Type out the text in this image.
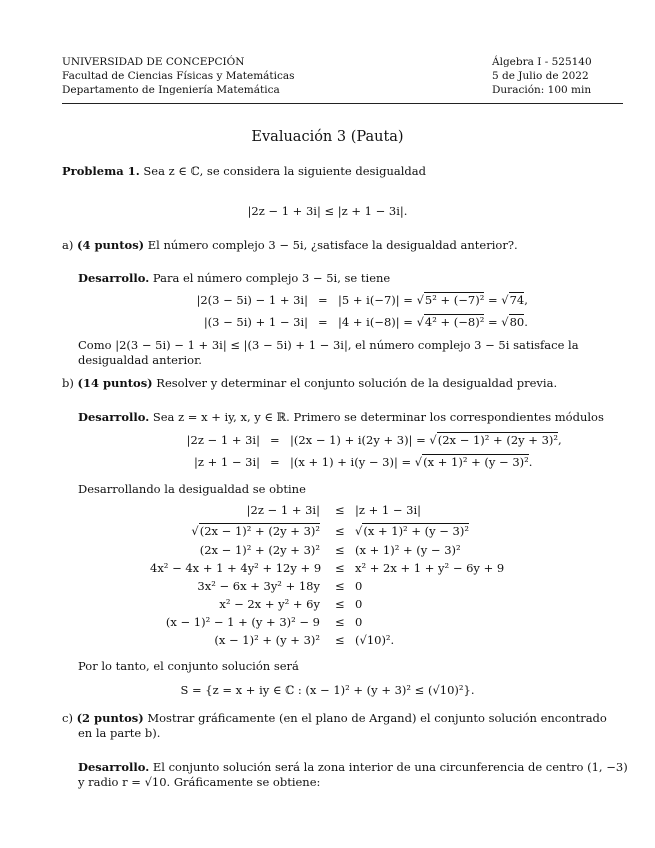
UNIVERSIDAD DE CONCEPCIÓN
Facultad de Ciencias Físicas y Matemáticas
Departamento de Ingeniería Matemática
Álgebra I - 525140
5 de Julio de 2022
Duración: 100 min
Evaluación 3 (Pauta)
Problema 1. Sea z ∈ ℂ, se considera la siguiente desigualdad
|2z − 1 + 3i| ≤ |z + 1 − 3i|.
a) (4 puntos) El número complejo 3 − 5i, ¿satisface la desigualdad anterior?.
Desarrollo. Para el número complejo 3 − 5i, se tiene
|2(3 − 5i) − 1 + 3i| = |5 + i(−7)| = √5² + (−7)² = √74,
|(3 − 5i) + 1 − 3i| = |4 + i(−8)| = √4² + (−8)² = √80.
Como |2(3 − 5i) − 1 + 3i| ≤ |(3 − 5i) + 1 − 3i|, el número complejo 3 − 5i satisface la
desigualdad anterior.
b) (14 puntos) Resolver y determinar el conjunto solución de la desigualdad previa.
Desarrollo. Sea z = x + iy, x, y ∈ ℝ. Primero se determinar los correspondientes módulos
|2z − 1 + 3i| = |(2x − 1) + i(2y + 3)| = √(2x − 1)² + (2y + 3)²,
|z + 1 − 3i| = |(x + 1) + i(y − 3)| = √(x + 1)² + (y − 3)².
Desarrollando la desigualdad se obtine
|2z − 1 + 3i| ≤ |z + 1 − 3i|
√(2x − 1)² + (2y + 3)² ≤ √(x + 1)² + (y − 3)²
(2x − 1)² + (2y + 3)² ≤ (x + 1)² + (y − 3)²
4x² − 4x + 1 + 4y² + 12y + 9 ≤ x² + 2x + 1 + y² − 6y + 9
3x² − 6x + 3y² + 18y ≤ 0
x² − 2x + y² + 6y ≤ 0
(x − 1)² − 1 + (y + 3)² − 9 ≤ 0
(x − 1)² + (y + 3)² ≤ (√10)².
Por lo tanto, el conjunto solución será
S = {z = x + iy ∈ ℂ : (x − 1)² + (y + 3)² ≤ (√10)²}.
c) (2 puntos) Mostrar gráficamente (en el plano de Argand) el conjunto solución encontrado
en la parte b).
Desarrollo. El conjunto solución será la zona interior de una circunferencia de centro (1, −3)
y radio r = √10. Gráficamente se obtiene:
